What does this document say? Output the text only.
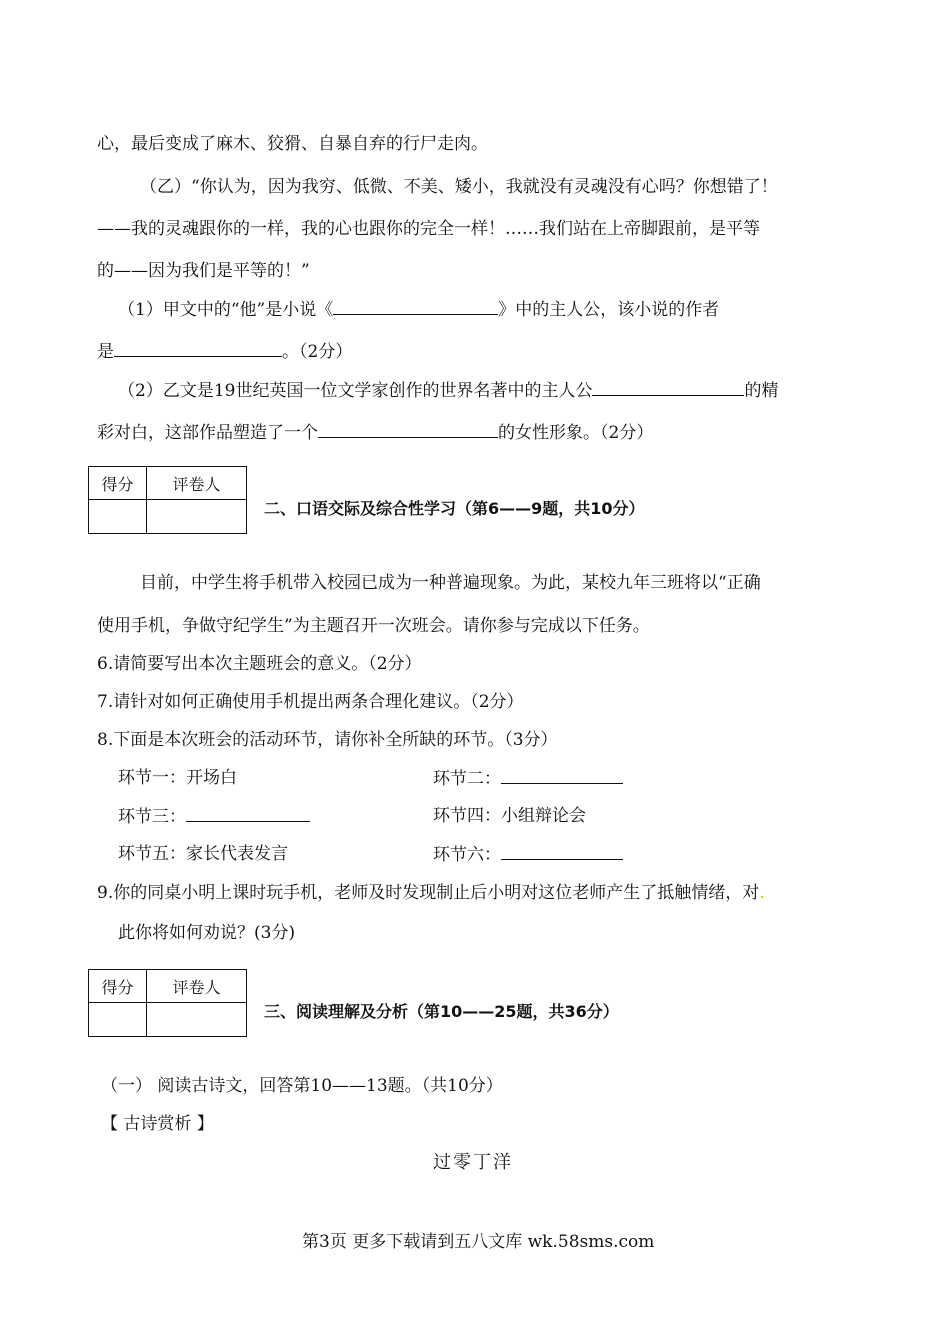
心，最后变成了麻木、狡猾、自暴自弃的行尸走肉。
（乙）“你认为，因为我穷、低微、不美、矮小，我就没有灵魂没有心吗？你想错了！
——我的灵魂跟你的一样，我的心也跟你的完全一样！……我们站在上帝脚跟前，是平等
的——因为我们是平等的！”
（1）甲文中的“他”是小说《	》中的主人公，该小说的作者
是	。（2分）
（2）乙文是19世纪英国一位文学家创作的世界名著中的主人公	的精
彩对白，这部作品塑造了一个	的女性形象。（2分）
得分	评卷人

二、口语交际及综合性学习（第6——9题，共10分）
目前，中学生将手机带入校园已成为一种普遍现象。为此，某校九年三班将以“正确
使用手机，争做守纪学生”为主题召开一次班会。请你参与完成以下任务。
6.请简要写出本次主题班会的意义。（2分）
7.请针对如何正确使用手机提出两条合理化建议。（2分）
8.下面是本次班会的活动环节，请你补全所缺的环节。（3分）
环节一：开场白	环节二：
环节三：	环节四：小组辩论会
环节五：家长代表发言	环节六：
9.你的同桌小明上课时玩手机，老师及时发现制止后小明对这位老师产生了抵触情绪，对.
此你将如何劝说？(3分)
得分	评卷人

三、阅读理解及分析（第10——25题，共36分）
（一） 阅读古诗文，回答第10——13题。（共10分）
【 古诗赏析 】
过零丁洋
第3页 更多下载请到五八文库 wk.58sms.com
